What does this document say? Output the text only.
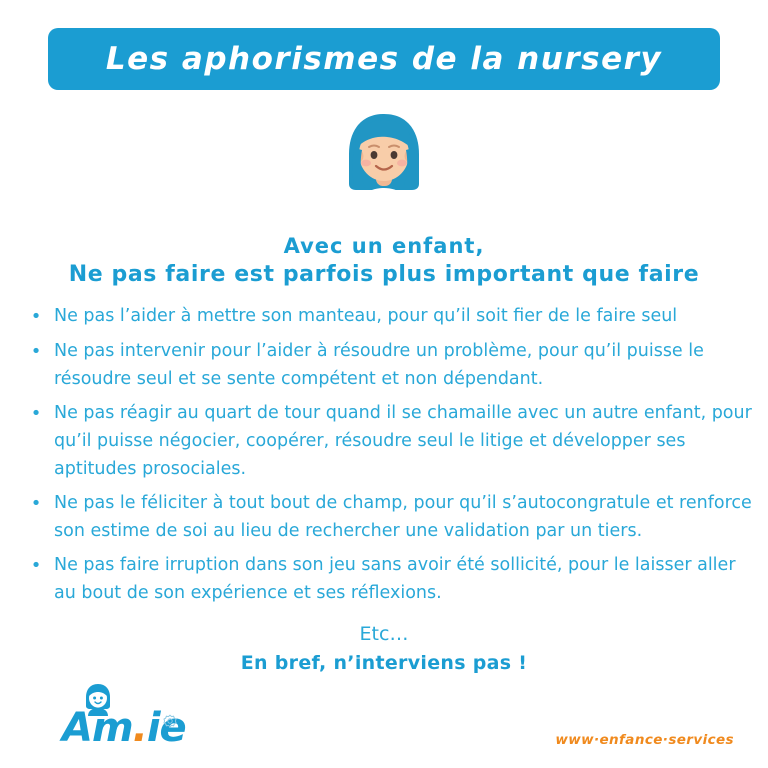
Les aphorismes de la nursery
Avec un enfant,
Ne pas faire est parfois plus important que faire
• Ne pas l’aider à mettre son manteau, pour qu’il soit fier de le faire seul
• Ne pas intervenir pour l’aider à résoudre un problème, pour qu’il puisse le résoudre seul et se sente compétent et non dépendant.
• Ne pas réagir au quart de tour quand il se chamaille avec un autre enfant, pour qu’il puisse négocier, coopérer, résoudre seul le litige et développer ses aptitudes prosociales.
• Ne pas le féliciter à tout bout de champ, pour qu’il s’autocongratule et renforce son estime de soi au lieu de rechercher une validation par un tiers.
• Ne pas faire irruption dans son jeu sans avoir été sollicité, pour le laisser aller au bout de son expérience et ses réflexions.
Etc…
En bref, n’interviens pas !
Am.ie	www·enfance·services
